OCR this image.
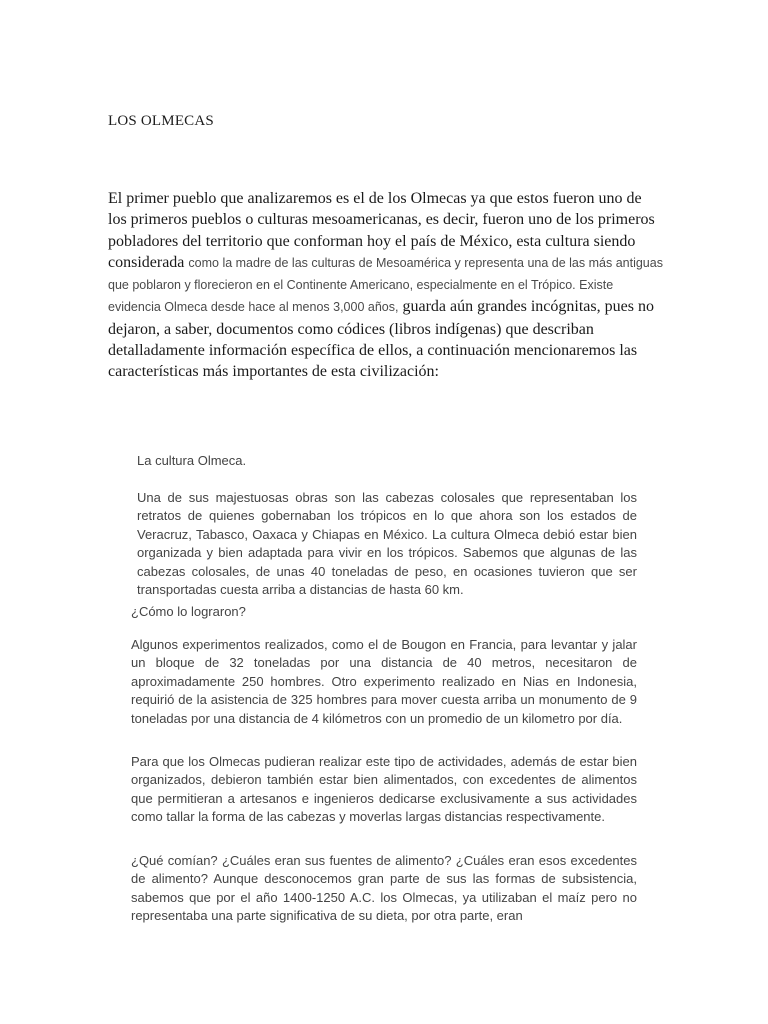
LOS OLMECAS

El primer pueblo que analizaremos es el de los Olmecas ya que estos fueron uno de los primeros pueblos o culturas mesoamericanas, es decir, fueron uno de los primeros pobladores del territorio que conforman hoy el país de México, esta cultura siendo considerada como la madre de las culturas de Mesoamérica y representa una de las más antiguas que poblaron y florecieron en el Continente Americano, especialmente en el Trópico. Existe evidencia Olmeca desde hace al menos 3,000 años, guarda aún grandes incógnitas, pues no dejaron, a saber, documentos como códices (libros indígenas) que describan detalladamente información específica de ellos, a continuación mencionaremos las características más importantes de esta civilización:

La cultura Olmeca.

Una de sus majestuosas obras son las cabezas colosales que representaban los retratos de quienes gobernaban los trópicos en lo que ahora son los estados de Veracruz, Tabasco, Oaxaca y Chiapas en México. La cultura Olmeca debió estar bien organizada y bien adaptada para vivir en los trópicos. Sabemos que algunas de las cabezas colosales, de unas 40 toneladas de peso, en ocasiones tuvieron que ser transportadas cuesta arriba a distancias de hasta 60 km.

¿Cómo lo lograron?

Algunos experimentos realizados, como el de Bougon en Francia, para levantar y jalar un bloque de 32 toneladas por una distancia de 40 metros, necesitaron de aproximadamente 250 hombres. Otro experimento realizado en Nias en Indonesia, requirió de la asistencia de 325 hombres para mover cuesta arriba un monumento de 9 toneladas por una distancia de 4 kilómetros con un promedio de un kilometro por día.

Para que los Olmecas pudieran realizar este tipo de actividades, además de estar bien organizados, debieron también estar bien alimentados, con excedentes de alimentos que permitieran a artesanos e ingenieros dedicarse exclusivamente a sus actividades como tallar la forma de las cabezas y moverlas largas distancias respectivamente.

¿Qué comían? ¿Cuáles eran sus fuentes de alimento? ¿Cuáles eran esos excedentes de alimento? Aunque desconocemos gran parte de sus las formas de subsistencia, sabemos que por el año 1400-1250 A.C. los Olmecas, ya utilizaban el maíz pero no representaba una parte significativa de su dieta, por otra parte, eran
